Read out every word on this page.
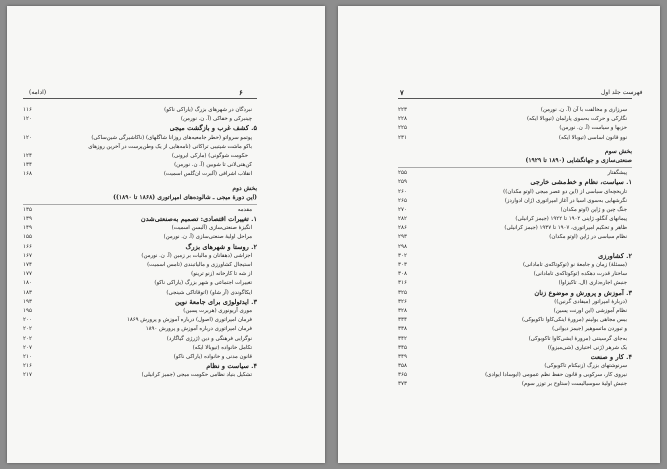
۶
(ادامه)
نبردگان در شهرهای بزرگ (یاراکی ناکو)
۱۱۶
چینبرکی و خفاکی (آ. ن. نورمن)
۱۲۰
۵. کشف غرب و بازگشت میجی
پوتمو سرواتو (حطر جامعیه‌های روزانا شاگلهای) (ناکاشیرگی شین‌ساکی)
۱۲۰
باکو ماشت شیتیبی تراکاتی (نامه‌هایی از یک وطن‌پرست در آخرین روزهای
حکومت شوگونی) (مارکی ایرونی)
۱۲۴
کن‌هتی‌لانی تا شوبین (آ. ن. نورمن)
۱۳۴
انقلاب اشرافی (آلبرت ان‌گلس اسمیت)
۱۶۸
بخش دوم
(این دورهٔ میجی ـ شالوده‌های امپراتوری (۱۸۶۸ تا ۱۸۹۰))
مقدمه
۱۳۵
۱. تغییرات اقتصادی: تصمیم به‌صنعتی‌شدن
۱۳۹
انگیزهٔ صنعتی‌سازی (آلبسن اسمیت)
۱۴۹
مراحل اولیهٔ صنعتی‌سازی (آ. ن. نورمن)
۱۵۵
۲. روستا و شهرهای بزرگ
۱۶۶
اجزاشی (دهقانان و مالیات بر زمین (آ. ن. نورمن)
۱۶۷
استیجال کشاورزی و مالیاتبندی (تامس اسمیت)
۱۷۴
از شه تا کارخانه (زنو ترینو)
۱۷۷
تغییرات اجتماعی و شهر بزرگ (یاراکی ناکو)
۱۸۰
ایکاگوندی (آر شاو) (اتوقاتاکی شینجی)
۱۸۳
۳. ایدئولوژی برای جامعهٔ نوین
۱۹۳
موری آریونوری (هربرت پسین)
۱۹۵
فرمان امپراتوری (اصول) درباره آموزش و پرورش ۱۸۶۹
۲۰۰
فرمان امپراتوری درباره آموزش و پرورش ۱۸۹۰
۲۰۲
نوگرایی فرهنگی و دین (ژرژی گیاگارد)
۲۰۲
تکامل خانواده (تیوبالا ایکه)
۲۰۷
قانون مدنی و خانواده (یاراکی ناکو)
۲۱۰
۴. سیاست و نظام
۲۱۶
تشکیل بنیاد نظامی حکومت میجی (جمیز کرانیلی)
۲۱۷
۷	فهرست جلد اول
سرزاری و مخالفت با آن (آ. ن. نورمن)
۲۲۳
نگارکی و حرکت به‌سوی پارلمان (تیوبالا ایکه)
۲۲۸
حزبها و سیاست (آ. ن. نورمن)
۲۲۵
نوو قانون اساسی (تیوبالا ایکه)
۲۳۱
بخش سوم
صنعتی‌سازی و جهانگشایی (۱۸۹۰ تا ۱۹۲۹)
پیشگفتار
۲۵۵
۱. سیاست، نظام و خط‌مشی خارجی
۲۵۹
تاریخچه‌ای سیاسی از (این دو عصر میجی (اوتو مکدان))
۲۶۰
نگرشهایی به‌سوی اسیا در آغاز امپراتوری (ژان ادواردز)
۲۶۵
جنگ چین و ژاپن (اوتو مکدان)
۲۷۰
پیمانهای آنگلوـ ژاپنی ۱۹۰۲ تا ۱۹۲۲ (جیمز کرانیلی)
۲۸۲
ظاهر و تحکیم امپراتوری، ۱۹۰۷ تا ۱۹۳۷ (جیمز کرانیلی)
۲۸۶
نظام سیاسی در ژاپن (اوتو مکدان)
۲۹۳
۲۹۸
۲. کشاورزی
۳۰۲
(مسئلهٔ) زمان و جامعهٔ نو (توکوتاکه‌ی تامادانی)
۳۰۳
ساختار قدرت دهکده (توکوتاکه‌ی تامادانی)
۳۰۸
جنبش اجاره‌داری (ال. تاکیزاوا)
۳۱۶
۳. آموزش و پرورش و موضوع زنان
۳۲۵
(دربارهٔ امپراتور (میفادی گرنین))
۳۲۶
نظام آموزشی (این اورنت پسین)
۳۲۸
بیس مجاهی یولینم (مرورهٔ اینکی‌کاوا تاکوبوکی)
۳۳۴
و تبوردن ماتسوهیر (جیمز دیوانی)
۳۳۸
به‌جای گرسینتی (مرورهٔ ایشی‌کاوا تاکوبوکی)
۳۴۲
یک شرهر (ژنی اختیاری (شی‌میزو))
۳۴۵
۴. کار و صنعت
۳۴۹
سرنوشتهای بزرگ (زنیکتام تاکوبوکی)
۳۵۸
نیروی کار، سرکوبی و قانون حفظ نظم عمومی (ایوسادا ایوادی)
۳۶۵
جنبش اولیهٔ سوسیالیست (ستاوح بر توزر سوم)
۳۷۳
